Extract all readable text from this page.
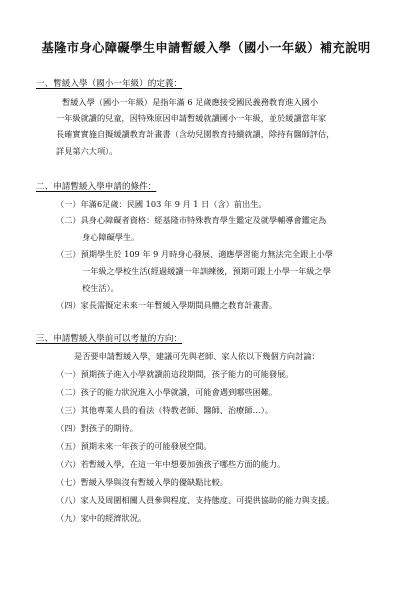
基隆市身心障礙學生申請暫緩入學（國小一年級）補充說明
一、暫緩入學（國小一年級）的定義：
暫緩入學（國小一年級）是指年滿 6 足歲應接受國民義務教育進入國小
一年級就讀的兒童，因特殊原因申請暫緩就讀國小一年級，並於緩讀當年家
長確實實施自擬緩讀教育計畫書（含幼兒園教育持續就讀，除持有醫師評估，
詳見第六大項）。
二、申請暫緩入學申請的條件：
（一）年滿6足歲：民國 103 年 9 月 1 日（含）前出生。
（二）具身心障礙者資格：經基隆市特殊教育學生鑑定及就學輔導會鑑定為
身心障礙學生。
（三）預期學生於 109 年 9 月時身心發展、適應學習能力無法完全跟上小學
一年級之學校生活(經過緩讀一年訓練後，預期可跟上小學一年級之學
校生活）。
（四）家長需擬定未來一年暫緩入學期間具體之教育計畫書。
三、申請暫緩入學前可以考量的方向：
是否要申請暫緩入學，建議可先與老師、家人依以下幾個方向討論：
（一）預期孩子進入小學就讀前這段期間，孩子能力的可能發展。
（二）孩子的能力狀況進入小學就讀，可能會遇到哪些困難。
（三）其他專業人員的看法（特教老師、醫師、治療師…）。
（四）對孩子的期待。
（五）預期未來一年孩子的可能發展空間。
（六）若暫緩入學，在這一年中想要加強孩子哪些方面的能力。
（七）暫緩入學與沒有暫緩入學的優缺點比較。
（八）家人及周圍相關人員參與程度、支持態度、可提供協助的能力與支援。
（九）家中的經濟狀況。
